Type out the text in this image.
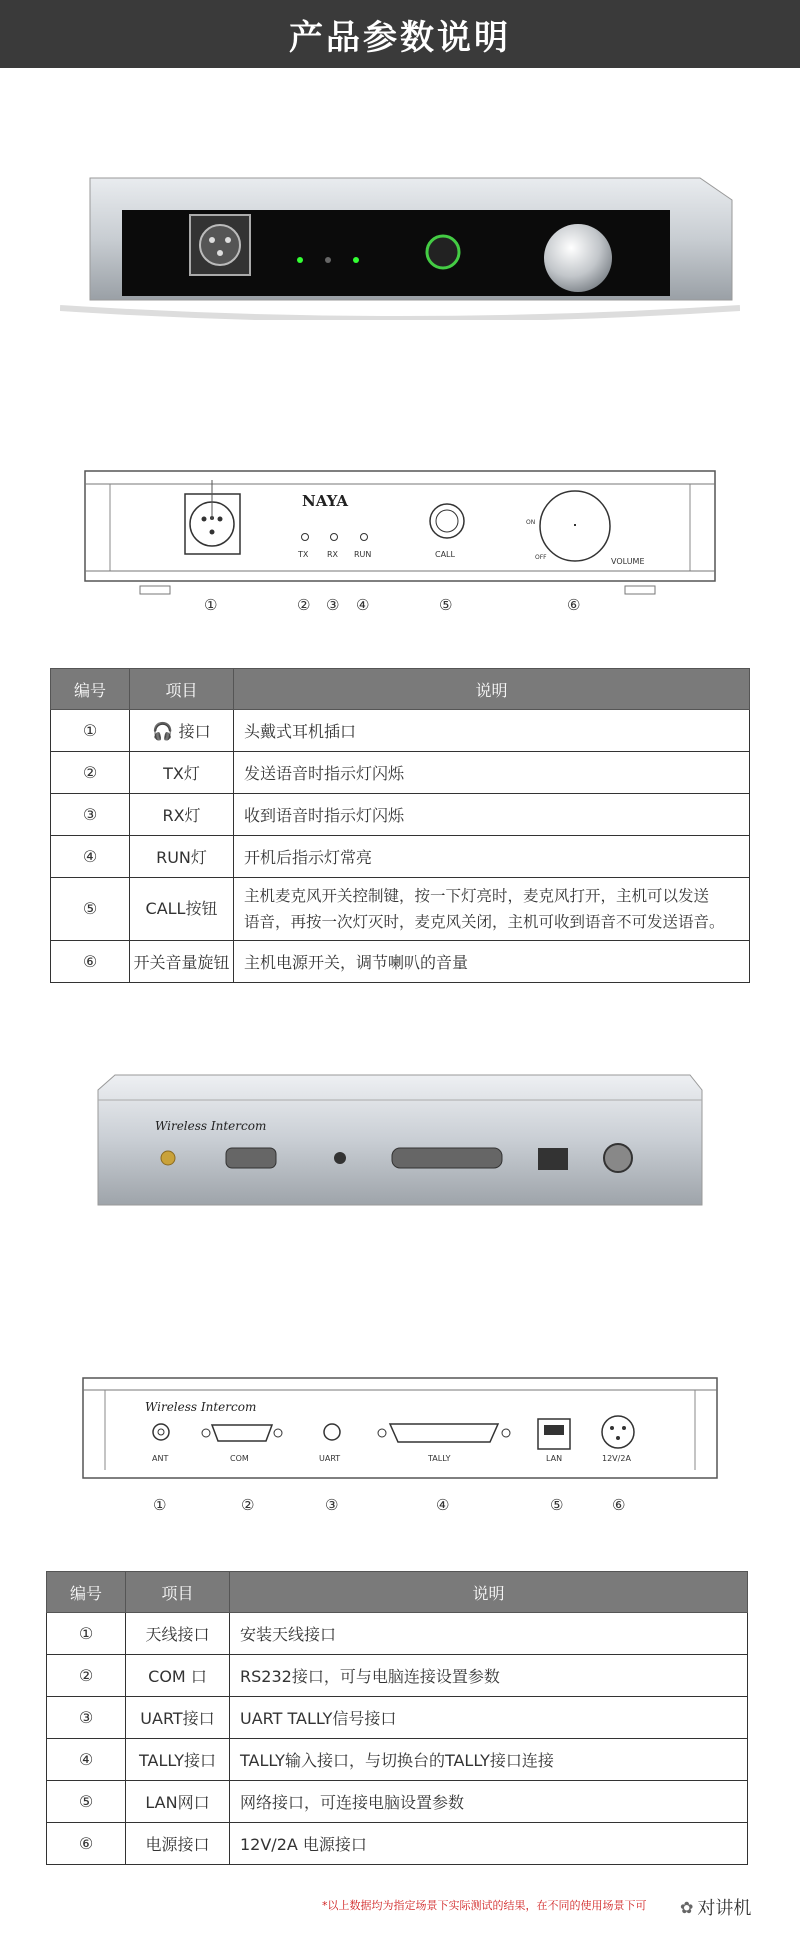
产品参数说明
NAYA
TX RX RUN	CALL
ON
OFF	VOLUME
①	② ③ ④	⑤	⑥
编号	项目	说明
①	🎧 接口	头戴式耳机插口
②	TX灯	发送语音时指示灯闪烁
③	RX灯	收到语音时指示灯闪烁
④	RUN灯	开机后指示灯常亮
⑤	CALL按钮	主机麦克风开关控制键，按一下灯亮时，麦克风打开，主机可以发送
语音，再按一次灯灭时，麦克风关闭，主机可收到语音不可发送语音。

⑥	开关音量旋钮	主机电源开关，调节喇叭的音量
Wireless Intercom
Wireless Intercom
ANT	COM	UART	TALLY	LAN	12V/2A
①	②	③	④	⑤	⑥
编号	项目	说明
①	天线接口	安装天线接口
②	COM 口	RS232接口，可与电脑连接设置参数
③	UART接口	UART TALLY信号接口
④	TALLY接口	TALLY输入接口，与切换台的TALLY接口连接
⑤	LAN网口	网络接口，可连接电脑设置参数
⑥	电源接口	12V/2A 电源接口
*以上数据均为指定场景下实际测试的结果，在不同的使用场景下可 ✿ 对讲机
